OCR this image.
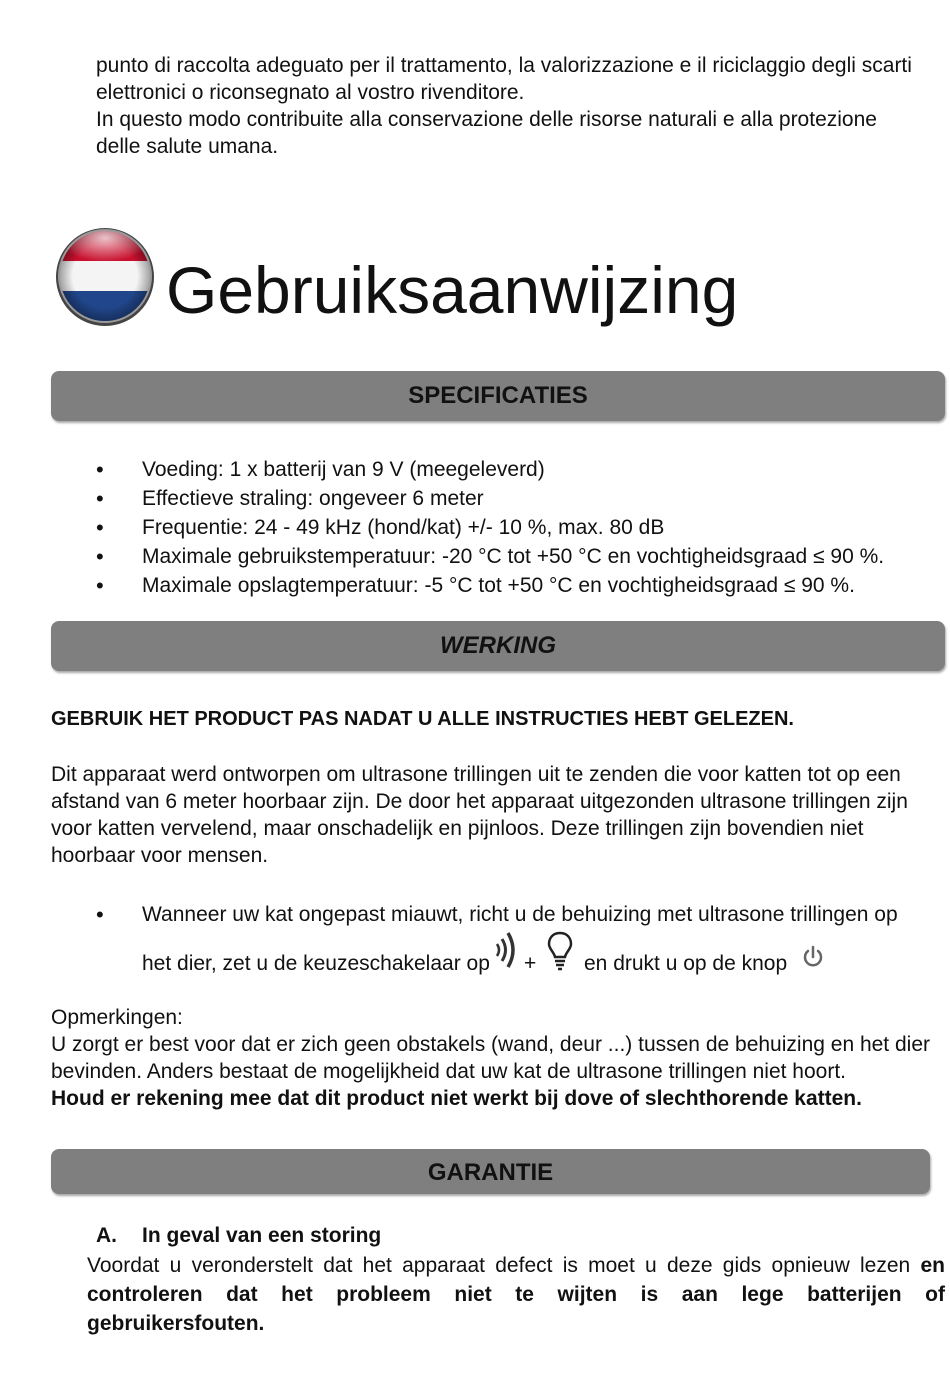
punto di raccolta adeguato per il trattamento, la valorizzazione e il riciclaggio degli scarti
elettronici o riconsegnato al vostro rivenditore.
In questo modo contribuite alla conservazione delle risorse naturali e alla protezione
delle salute umana.
Gebruiksaanwijzing
SPECIFICATIES
•	Voeding: 1 x batterij van 9 V (meegeleverd)
•	Effectieve straling: ongeveer 6 meter
•	Frequentie: 24 - 49 kHz (hond/kat) +/- 10 %, max. 80 dB
•	Maximale gebruikstemperatuur: -20 °C tot +50 °C en vochtigheidsgraad ≤ 90 %.
•	Maximale opslagtemperatuur: -5 °C tot +50 °C en vochtigheidsgraad ≤ 90 %.
WERKING
GEBRUIK HET PRODUCT PAS NADAT U ALLE INSTRUCTIES HEBT GELEZEN.
Dit apparaat werd ontworpen om ultrasone trillingen uit te zenden die voor katten tot op een
afstand van 6 meter hoorbaar zijn. De door het apparaat uitgezonden ultrasone trillingen zijn
voor katten vervelend, maar onschadelijk en pijnloos. Deze trillingen zijn bovendien niet
hoorbaar voor mensen.
• Wanneer uw kat ongepast miauwt, richt u de behuizing met ultrasone trillingen op
het dier, zet u de keuzeschakelaar op + en drukt u op de knop
Opmerkingen:
U zorgt er best voor dat er zich geen obstakels (wand, deur ...) tussen de behuizing en het dier
bevinden. Anders bestaat de mogelijkheid dat uw kat de ultrasone trillingen niet hoort.
Houd er rekening mee dat dit product niet werkt bij dove of slechthorende katten.
GARANTIE
A. In geval van een storing
Voordat u veronderstelt dat het apparaat defect is moet u deze gids opnieuw lezen en
controleren dat het probleem niet te wijten is aan lege batterijen of
gebruikersfouten.
